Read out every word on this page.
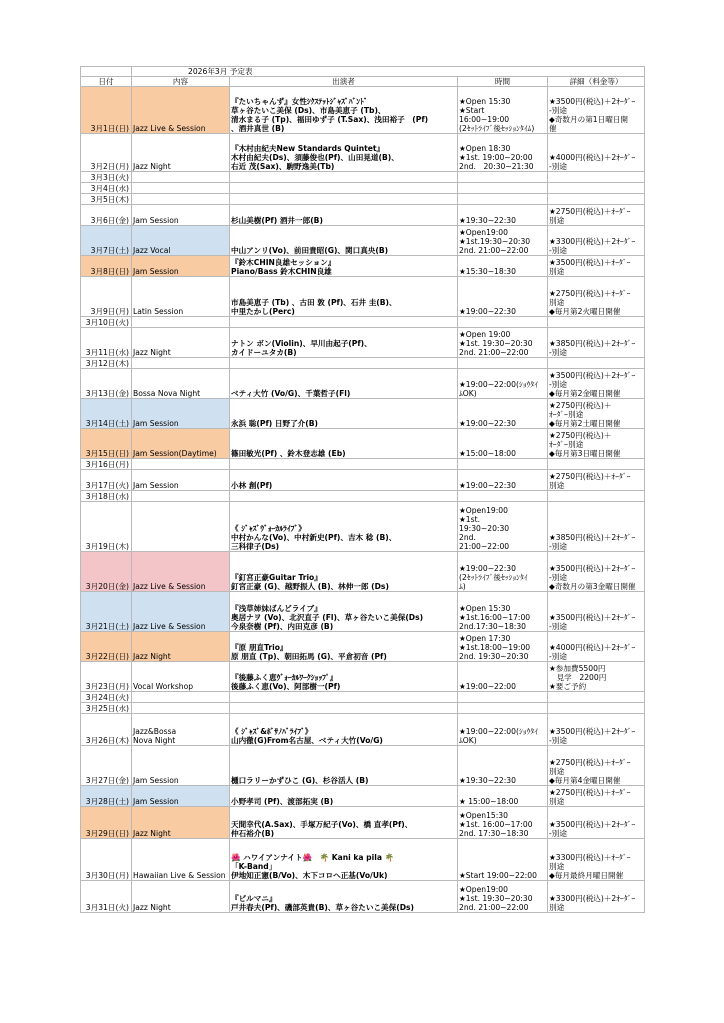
	2026年3月 予定表			
日付	内容	出演者	時間	詳細（料金等）
3月1日(日)	Jazz Live & Session	『たいちゃんず』女性ｼｸｽﾃｯﾄｼﾞｬｽﾞﾊﾞﾝﾄﾞ
草ヶ谷たいこ美保 (Ds)、市島美恵子 (Tb)、
清水まる子 (Tp)、福田ゆず子 (T.Sax)、浅田裕子　(Pf)
、酒井真世 (B)	★Open 15:30
★Start
16:00~19:00
(2ｾｯﾄﾗｲﾌﾞ後ｾｯｼｮﾝﾀｲﾑ)	★3500円(税込)＋2ｵｰﾀﾞｰ
-別途
◆奇数月の第1日曜日開
催

3月2日(月)	Jazz Night	『木村由紀夫New Standards Quintet』
木村由紀夫(Ds)、須藤俊也(Pf)、山田晃道(B)、
右近 茂(Sax)、駒野逸美(Tb)	★Open 18:30
★1st. 19:00~20:00
2nd.　20:30~21:30	★4000円(税込)＋2ｵｰﾀﾞｰ
-別途

3月3日(火)				
3月4日(水)				
3月5日(木)				
3月6日(金)	Jam Session	杉山美樹(Pf) 酒井一郎(B)	★19:30~22:30	★2750円(税込)＋ｵｰﾀﾞｰ
別途

3月7日(土)	Jazz Vocal	中山アンリ(Vo)、前田貴昭(G)、関口真央(B)	★Open19:00
★1st.19:30~20:30
2nd. 21:00~22:00	★3300円(税込)＋2ｵｰﾀﾞｰ
-別途

3月8日(日)	Jam Session	『鈴木CHIN良雄セッション』
Piano/Bass 鈴木CHIN良雄	★15:30~18:30	★3500円(税込)＋ｵｰﾀﾞｰ
別途

3月9日(月)	Latin Session	市島美恵子 (Tb) 、古田 敦 (Pf)、石井 圭(B)、
中里たかし(Perc)	★19:00~22:30	★2750円(税込)＋ｵｰﾀﾞｰ
別途
◆毎月第2火曜日開催

3月10日(火)				
3月11日(水)	Jazz Night	ナトン ボン(Violin)、早川由起子(Pf)、
カイドーユタカ(B)	★Open 19:00
★1st. 19:30~20:30
2nd. 21:00~22:00	★3850円(税込)＋2ｵｰﾀﾞｰ
-別途

3月12日(木)				
3月13日(金)	Bossa Nova Night	ベティ大竹 (Vo/G)、千葉哲子(Fl)	★19:00~22:00(ｼｮｳﾀｲ
ﾑOK)	★3500円(税込)＋2ｵｰﾀﾞｰ
-別途
◆毎月第2金曜日開催

3月14日(土)	Jam Session	永浜 聡(Pf) 日野了介(B)	★19:00~22:30	★2750円(税込)＋
ｵｰﾀﾞｰ別途
◆毎月第2土曜日開催

3月15日(日)	Jam Session(Daytime)	篠田敏光(Pf) 、鈴木登志雄 (Eb)	★15:00~18:00	★2750円(税込)＋
ｵｰﾀﾞｰ別途
◆毎月第3日曜日開催

3月16日(月)				
3月17日(火)	Jam Session	小林 創(Pf)	★19:00~22:30	★2750円(税込)＋ｵｰﾀﾞｰ
別途

3月18日(水)				
3月19日(木)		《 ｼﾞｬｽﾞｳﾞｫｰｶﾙﾗｲﾌﾞ》
中村かんな(Vo)、中村新史(Pf)、吉木 稔 (B)、
三科律子(Ds)	★Open19:00
★1st.
19:30~20:30
2nd.
21:00~22:00	★3850円(税込)＋2ｵｰﾀﾞｰ
-別途

3月20日(金)	Jazz Live & Session	『釘宮正豪Guitar Trio』
釘宮正豪 (G)、越野振人 (B)、林伸一郎 (Ds)	★19:00~22:30
(2ｾｯﾄﾗｲﾌﾞ後ｾｯｼｮﾝﾀｲ
ﾑ)	★3500円(税込)＋2ｵｰﾀﾞｰ
-別途
◆奇数月の第3金曜日開催

3月21日(土)	Jazz Live & Session	『浅草姉妹ばんどライブ』
奥居ナヲ (Vo)、北沢直子 (Fl)、草ヶ谷たいこ美保(Ds)
今泉奈樹 (Pf)、内田克彦 (B)	★Open 15:30
★1st.16:00~17:00
2nd.17:30~18:30	★3500円(税込)＋2ｵｰﾀﾞｰ
-別途

3月22日(日)	Jazz Night	『原 朋直Trio』
原 朋直 (Tp)、朝田拓馬 (G)、平倉初音 (Pf)	★Open 17:30
★1st.18:00~19:00
2nd. 19:30~20:30	★4000円(税込)＋2ｵｰﾀﾞｰ
-別途

3月23日(月)	Vocal Workshop	『後藤ふく恵ｳﾞｫｰｶﾙﾜｰｸｼｮｯﾌﾟ』
後藤ふく恵(Vo)、阿部樹一(Pf)	★19:00~22:00	★参加費5500円
　見学　2200円
★要ご予約

3月24日(火)				
3月25日(水)				
3月26日(木)	Jazz&Bossa Nova Night	《 ｼﾞｬｽﾞ&ﾎﾞｻﾉﾊﾞﾗｲﾌﾞ》
山内徹(G)From名古屋、ベティ大竹(Vo/G)	★19:00~22:00(ｼｮｳﾀｲ
ﾑOK)	★3500円(税込)＋2ｵｰﾀﾞｰ
-別途

3月27日(金)	Jam Session	樋口ラリーかずひこ (G)、杉谷活人 (B)	★19:30~22:30	★2750円(税込)＋ｵｰﾀﾞｰ
別途
◆毎月第4金曜日開催

3月28日(土)	Jam Session	小野孝司 (Pf)、渡部拓実 (B)	★ 15:00~18:00	★2750円(税込)＋ｵｰﾀﾞｰ
別途

3月29日(日)	Jazz Night	天間幸代(A.Sax)、手塚万紀子(Vo)、橋 直孝(Pf)、
仲石裕介(B)	★Open15:30
★1st. 16:00~17:00
2nd. 17:30~18:30	★3500円(税込)＋2ｵｰﾀﾞｰ
-別途

3月30日(月)	Hawaiian Live & Session	🌺 ハワイアンナイト🌺　🌴 Kani ka pila 🌴
「K-Band」
伊地知正憲(B/Vo)、木下コロへ正基(Vo/Uk)	★Start 19:00~22:00	★3300円(税込)＋ｵｰﾀﾞｰ
別途
◆毎月最終月曜日開催

3月31日(火)	Jazz Night	『ビルマニ』
戸井春夫(Pf)、磯部英貴(B)、草ヶ谷たいこ美保(Ds)	★Open19:00
★1st. 19:30~20:30
2nd. 21:00~22:00	★3300円(税込)＋2ｵｰﾀﾞｰ
別途
